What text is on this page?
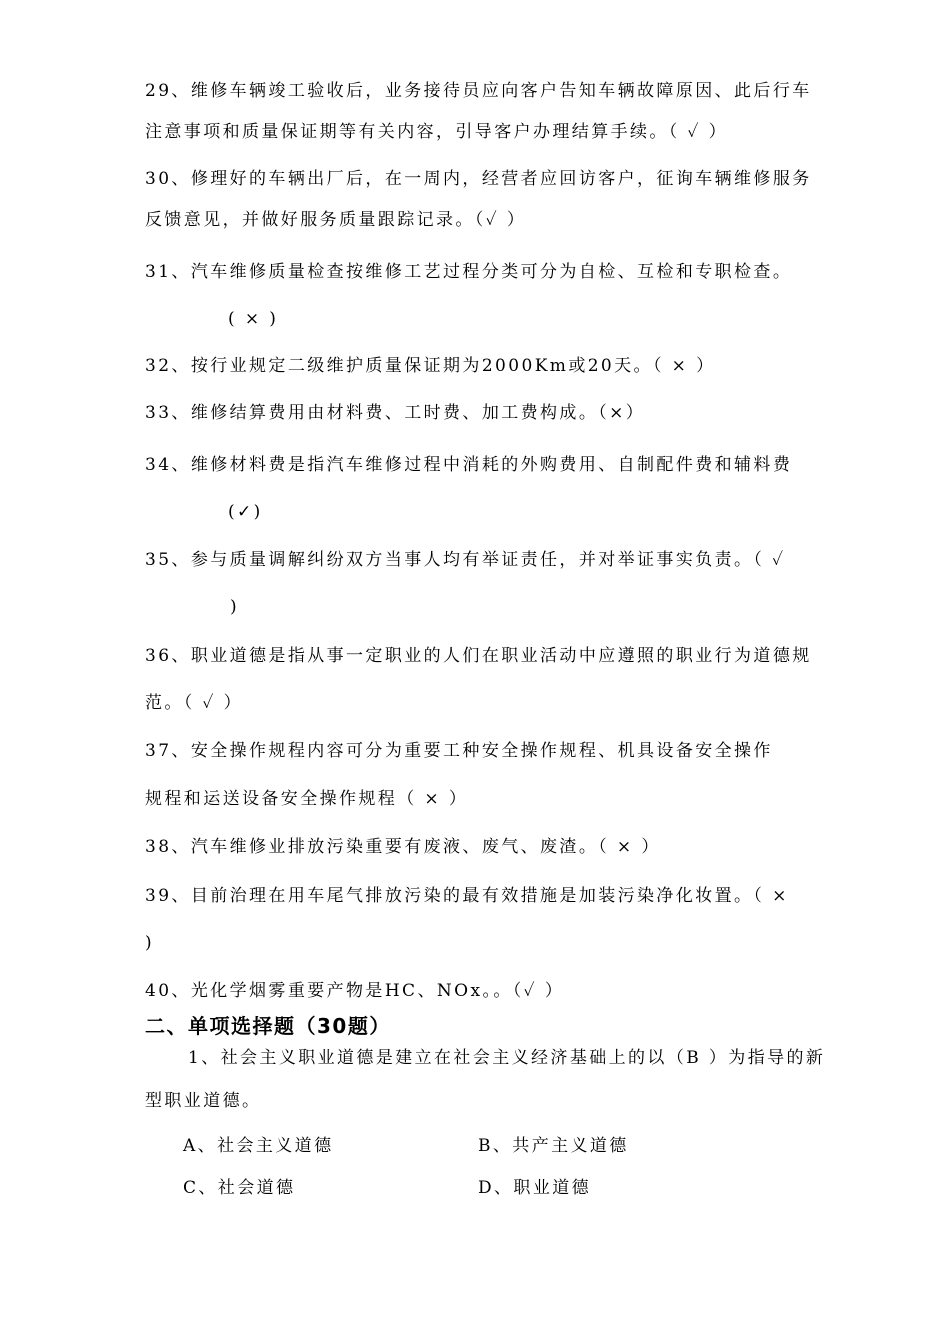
29、维修车辆竣工验收后，业务接待员应向客户告知车辆故障原因、此后行车
注意事项和质量保证期等有关内容，引导客户办理结算手续。（ ✓ ）
30、修理好的车辆出厂后，在一周内，经营者应回访客户，征询车辆维修服务
反馈意见，并做好服务质量跟踪记录。（✓ ）
31、汽车维修质量检查按维修工艺过程分类可分为自检、互检和专职检查。
( × )
32、按行业规定二级维护质量保证期为2000Km或20天。（ × ）
33、维修结算费用由材料费、工时费、加工费构成。（×）
34、维修材料费是指汽车维修过程中消耗的外购费用、自制配件费和辅料费
(✓)
35、参与质量调解纠纷双方当事人均有举证责任，并对举证事实负责。（ ✓
)
36、职业道德是指从事一定职业的人们在职业活动中应遵照的职业行为道德规
范。（ ✓ ）
37、安全操作规程内容可分为重要工种安全操作规程、机具设备安全操作
规程和运送设备安全操作规程（ × ）
38、汽车维修业排放污染重要有废液、废气、废渣。（ × ）
39、目前治理在用车尾气排放污染的最有效措施是加装污染净化妆置。（ ×
)
40、光化学烟雾重要产物是HC、NOx。。（✓ ）
二、单项选择题（30题）
1、社会主义职业道德是建立在社会主义经济基础上的以（B ）为指导的新
型职业道德。
A、社会主义道德	B、共产主义道德
C、社会道德	D、职业道德
